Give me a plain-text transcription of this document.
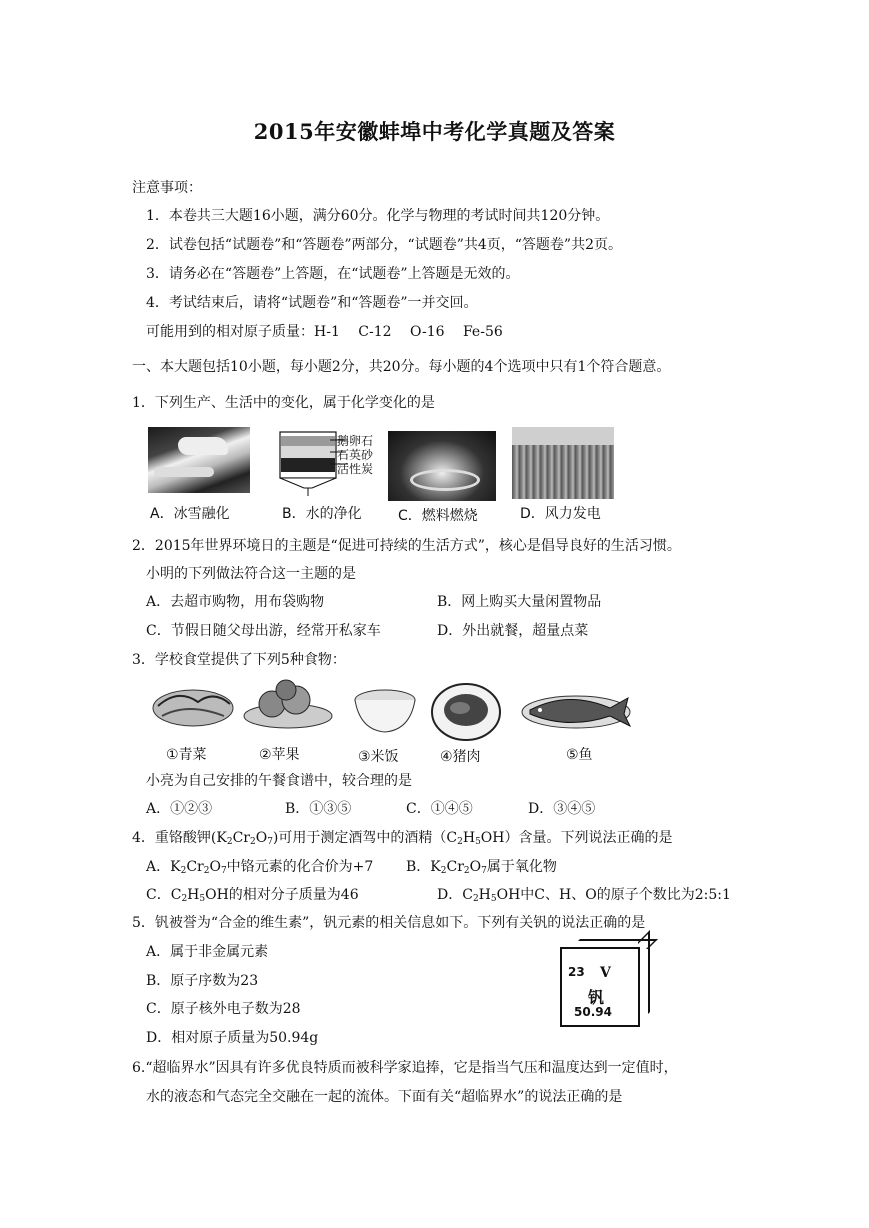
2015年安徽蚌埠中考化学真题及答案
注意事项：
1．本卷共三大题16小题，满分60分。化学与物理的考试时间共120分钟。
2．试卷包括“试题卷”和“答题卷”两部分，“试题卷”共4页，“答题卷”共2页。
3．请务必在“答题卷”上答题，在“试题卷”上答题是无效的。
4．考试结束后，请将“试题卷”和“答题卷”一并交回。
可能用到的相对原子质量：H-1　 C-12　 O-16　 Fe-56
一、本大题包括10小题，每小题2分，共20分。每小题的4个选项中只有1个符合题意。
1．下列生产、生活中的变化，属于化学变化的是
鹅卵石
石英砂
活性炭
A．冰雪融化	B．水的净化	C．燃料燃烧	D．风力发电
2．2015年世界环境日的主题是“促进可持续的生活方式”，核心是倡导良好的生活习惯。
小明的下列做法符合这一主题的是
A．去超市购物，用布袋购物	B．网上购买大量闲置物品
C．节假日随父母出游，经常开私家车	D．外出就餐，超量点菜
3．学校食堂提供了下列5种食物：
①青菜	②苹果	③米饭	④猪肉	⑤鱼
小亮为自己安排的午餐食谱中，较合理的是
A．①②③	B．①③⑤	C．①④⑤	D．③④⑤
4．重铬酸钾$(K_2Cr_2O_7)$可用于测定酒驾中的酒精$(C_2H_5OH)$含量。下列说法正确的是
A．$K_2Cr_2O_7$中铬元素的化合价为+7 B．$K_2Cr_2O_7$属于氧化物
C．$C_2H_5OH$的相对分子质量为46	D．$C_2H_5OH$中C、H、O的原子个数比为2:5:1
5．钒被誉为“合金的维生素”，钒元素的相关信息如下。下列有关钒的说法正确的是
A．属于非金属元素
B．原子序数为23
C．原子核外电子数为28
D．相对原子质量为50.94g
23 V
钒
50.94
6.“超临界水”因具有许多优良特质而被科学家追捧，它是指当气压和温度达到一定值时，
水的液态和气态完全交融在一起的流体。下面有关“超临界水”的说法正确的是
